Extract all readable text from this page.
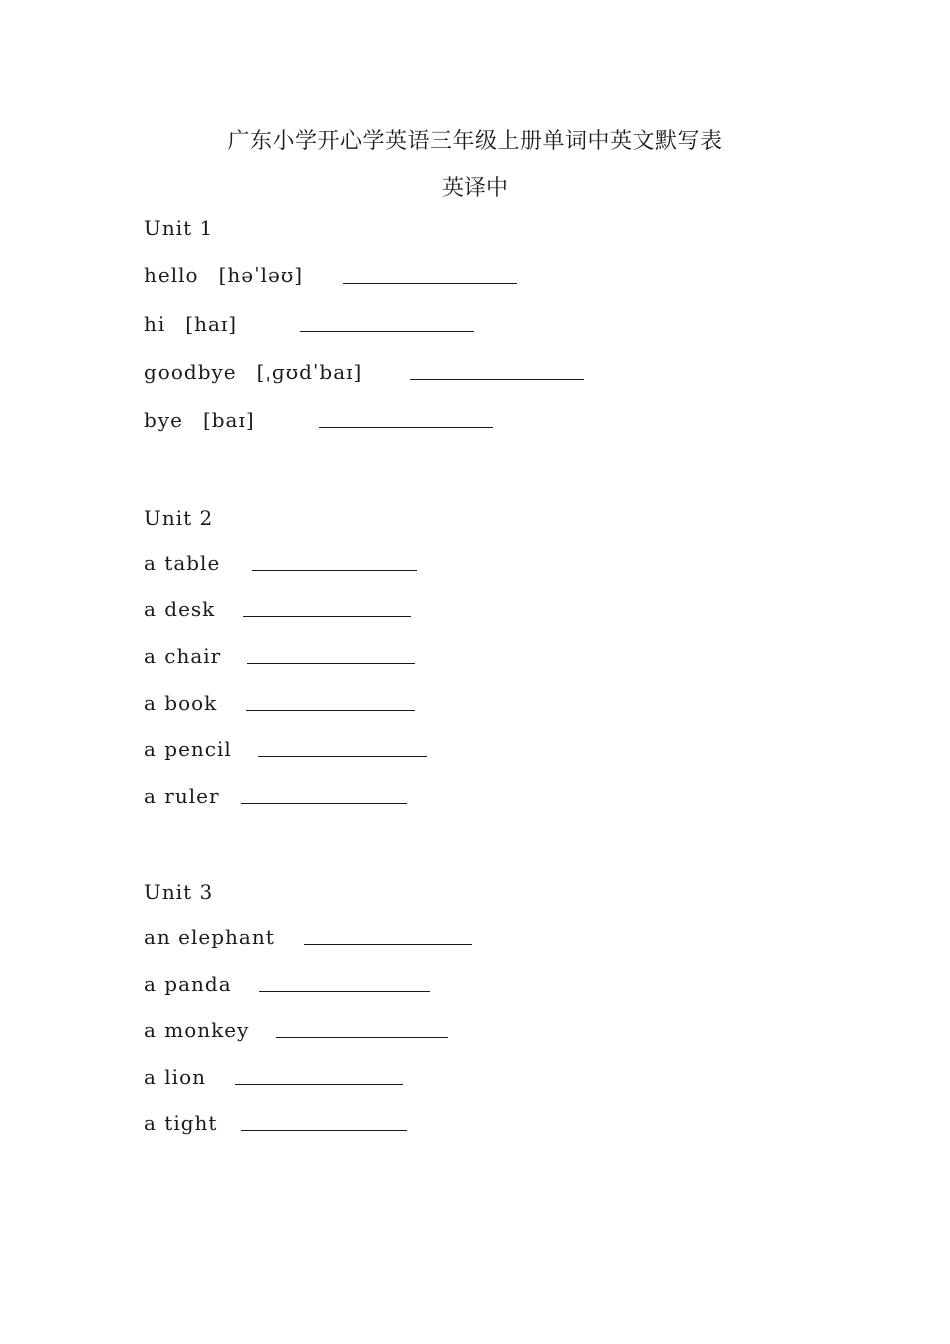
广东小学开心学英语三年级上册单词中英文默写表
英译中
Unit 1
hello [həˈləʊ]
hi [haɪ]
goodbye [ˌɡʊdˈbaɪ]
bye [baɪ]
Unit 2
a table
a desk
a chair
a book
a pencil
a ruler
Unit 3
an elephant
a panda
a monkey
a lion
a tight
